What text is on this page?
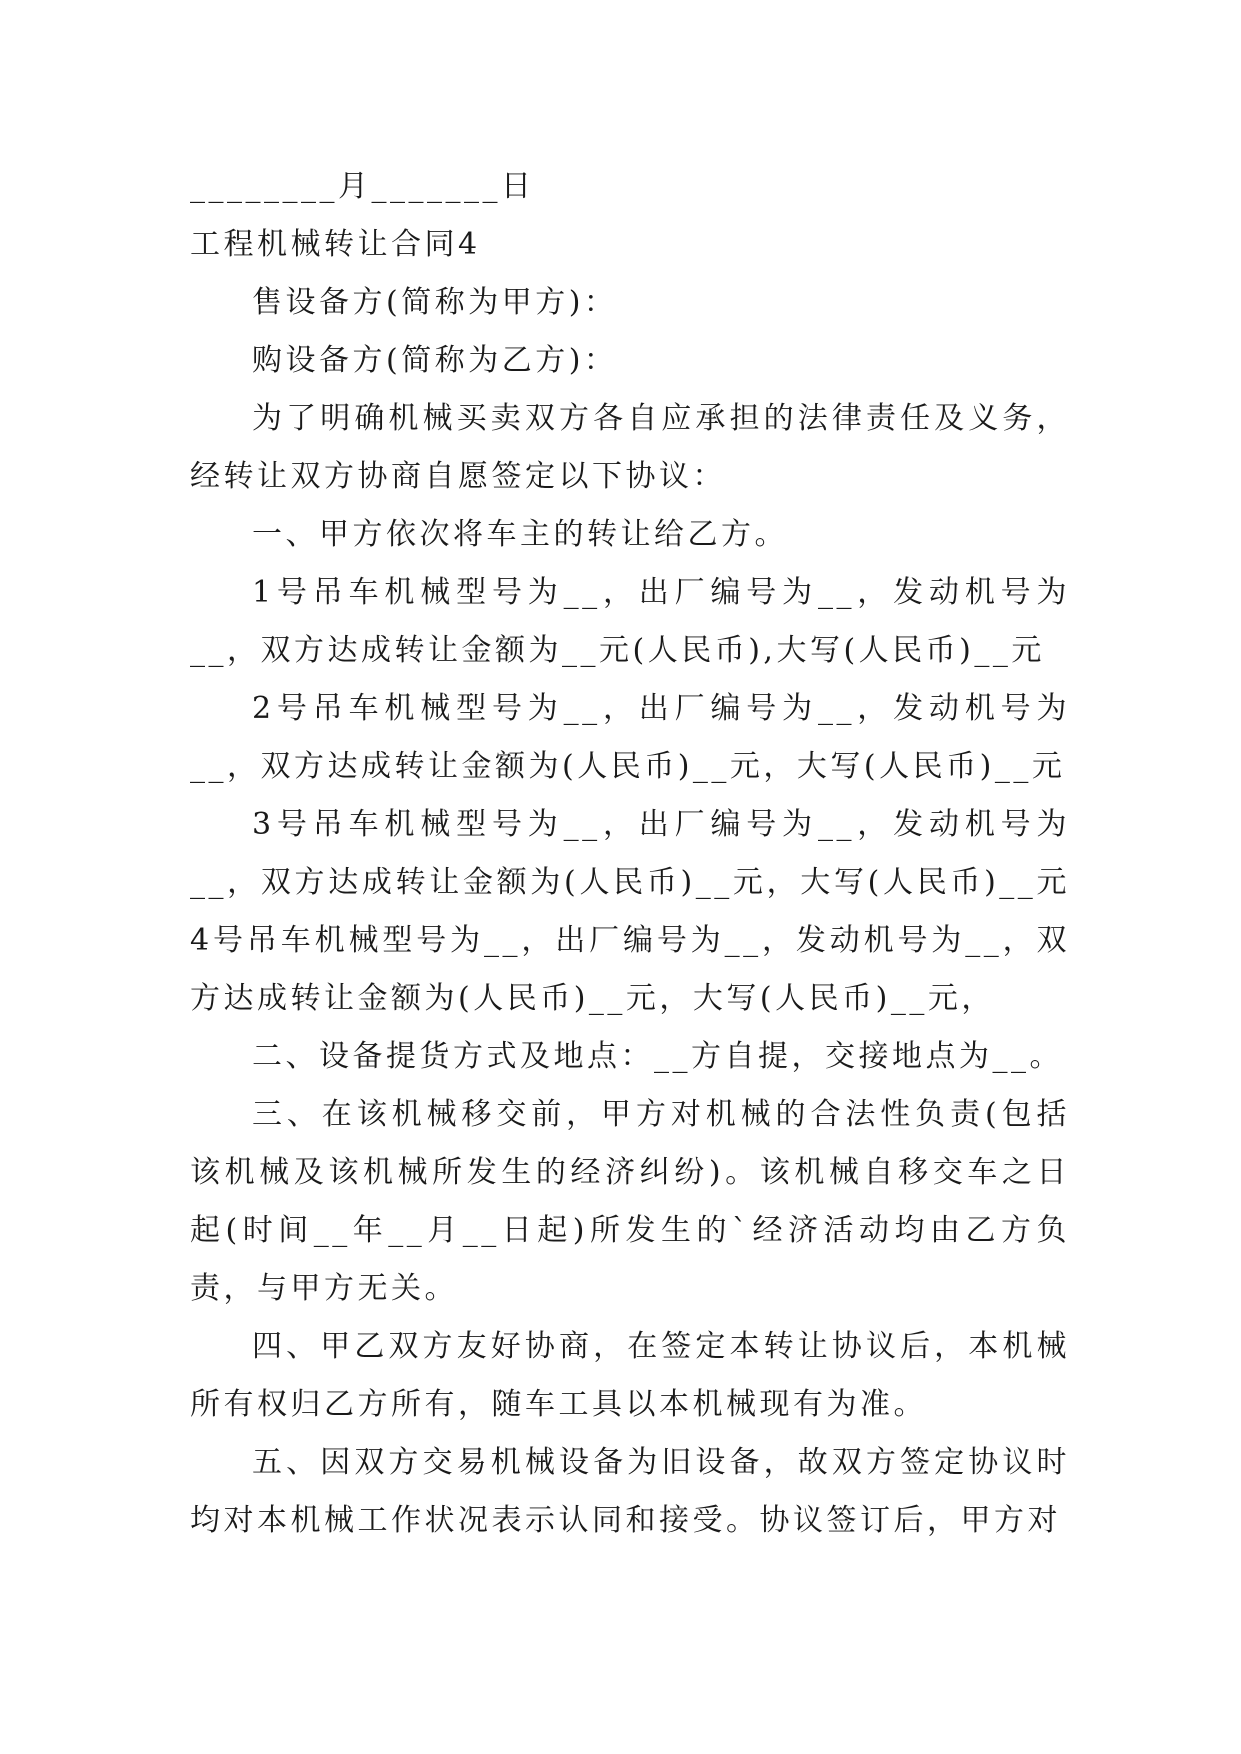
________月_______日

工程机械转让合同4

售设备方(简称为甲方)：

购设备方(简称为乙方)：

为了明确机械买卖双方各自应承担的法律责任及义务，经转让双方协商自愿签定以下协议：

一、甲方依次将车主的转让给乙方。

1号吊车机械型号为__，出厂编号为__，发动机号为__，双方达成转让金额为__元(人民币),大写(人民币)__元

2号吊车机械型号为__，出厂编号为__，发动机号为__，双方达成转让金额为(人民币)__元，大写(人民币)__元

3号吊车机械型号为__，出厂编号为__，发动机号为__，双方达成转让金额为(人民币)__元，大写(人民币)__元4号吊车机械型号为__，出厂编号为__，发动机号为__，双方达成转让金额为(人民币)__元，大写(人民币)__元，

二、设备提货方式及地点：__方自提，交接地点为__。

三、在该机械移交前，甲方对机械的合法性负责(包括该机械及该机械所发生的经济纠纷)。该机械自移交车之日起(时间__年__月__日起)所发生的`经济活动均由乙方负责，与甲方无关。

四、甲乙双方友好协商，在签定本转让协议后，本机械所有权归乙方所有，随车工具以本机械现有为准。

五、因双方交易机械设备为旧设备，故双方签定协议时均对本机械工作状况表示认同和接受。协议签订后，甲方对
